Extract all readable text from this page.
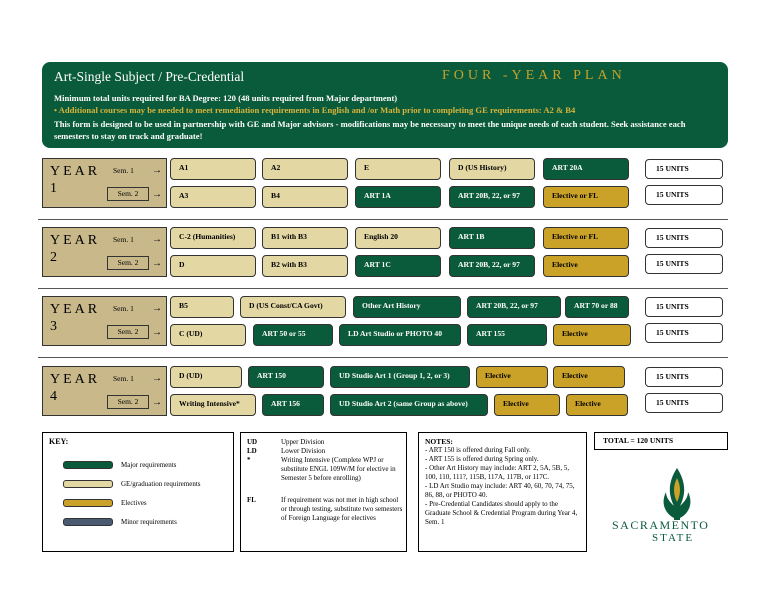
Art-Single Subject / Pre-Credential	FOUR -YEAR PLAN
Minimum total units required for BA Degree: 120 (48 units required from Major department)
• Additional courses may be needed to meet remediation requirements in English and /or Math prior to completing GE requirements: A2 & B4
This form is designed to be used in partnership with GE and Major advisors - modifications may be necessary to meet the unique needs of each student. Seek assistance each semesters to stay on track and graduate!
YEAR 1
Sem. 1
Sem. 2
→
→
A1	A2	E	D (US History)	ART 20A
A3	B4	ART 1A	ART 20B, 22, or 97	Elective or FL
15 UNITS
15 UNITS
YEAR 2
Sem. 1
Sem. 2
→
→
C-2 (Humanities)	B1 with B3	English 20	ART 1B	Elective or FL
D	B2 with B3	ART 1C	ART 20B, 22, or 97	Elective
15 UNITS
15 UNITS
YEAR 3
Sem. 1
Sem. 2
→
→
B5	D (US Const/CA Govt)	Other Art History	ART 20B, 22, or 97	ART 70 or 88
C (UD)	ART 50 or 55	LD Art Studio or PHOTO 40	ART 155	Elective
15 UNITS
15 UNITS
YEAR 4
Sem. 1
Sem. 2
→
→
D (UD)	ART 150	UD Studio Art 1 (Group 1, 2, or 3)	Elective	Elective
Writing Intensive*	ART 156	UD Studio Art 2 (same Group as above)	Elective	Elective
15 UNITS
15 UNITS
KEY:
Major requirements
GE/graduation requirements
Electives
Minor requirements
UD	Upper Division
LD	Lower Division
*	Writing Intensive (Complete WPJ or substitute ENGL 109W/M for elective in Semester 5 before enrolling)
FL	If requirement was not met in high school or through testing, substitute two semesters of Foreign Language for electives
NOTES:
- ART 150 is offered during Fall only.
- ART 155 is offered during Spring only.
- Other Art History may include: ART 2, 5A, 5B, 5, 100, 110, 111?, 115B, 117A, 117B, or 117C.
- LD Art Studio may include: ART 40, 60, 70, 74, 75, 86, 88, or PHOTO 40.
- Pre-Credential Candidates should apply to the Graduate School & Credential Program during Year 4, Sem. 1
TOTAL = 120 UNITS
SACRAMENTO
STATE
